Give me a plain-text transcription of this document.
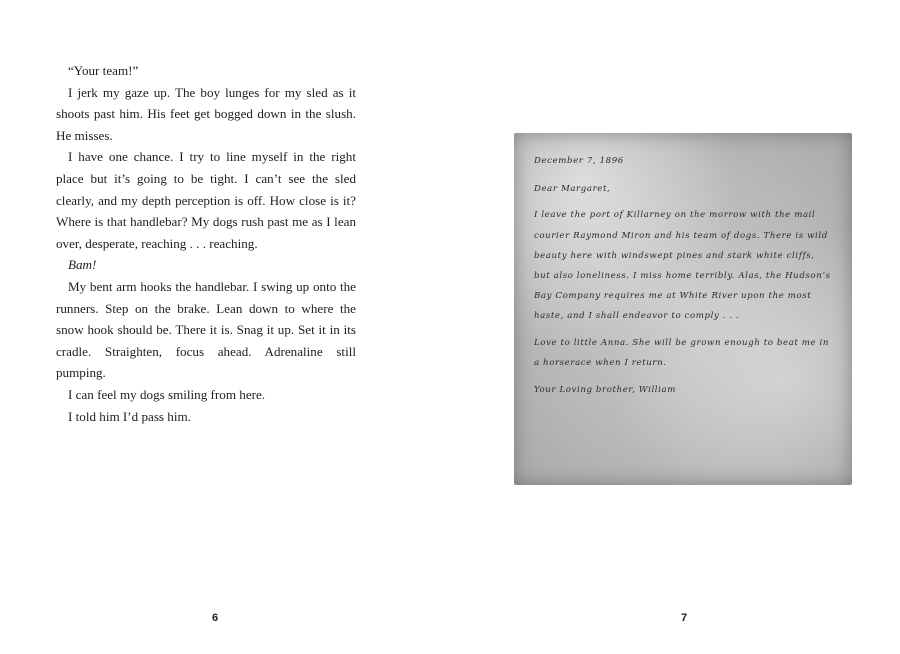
“Your team!”

I jerk my gaze up. The boy lunges for my sled as it shoots past him. His feet get bogged down in the slush. He misses.

I have one chance. I try to line myself in the right place but it’s going to be tight. I can’t see the sled clearly, and my depth perception is off. How close is it? Where is that handlebar? My dogs rush past me as I lean over, desperate, reaching . . . reaching.

Bam!

My bent arm hooks the handlebar. I swing up onto the runners. Step on the brake. Lean down to where the snow hook should be. There it is. Snag it up. Set it in its cradle. Straighten, focus ahead. Adrenaline still pumping.

I can feel my dogs smiling from here.

I told him I’d pass him.

6

December 7, 1896

Dear Margaret,

I leave the port of Killarney on the morrow with the mail courier Raymond Miron and his team of dogs. There is wild beauty here with windswept pines and stark white cliffs, but also loneliness. I miss home terribly. Alas, the Hudson’s Bay Company requires me at White River upon the most haste, and I shall endeavor to comply . . .

Love to little Anna. She will be grown enough to beat me in a horserace when I return.

Your Loving brother, William

7
